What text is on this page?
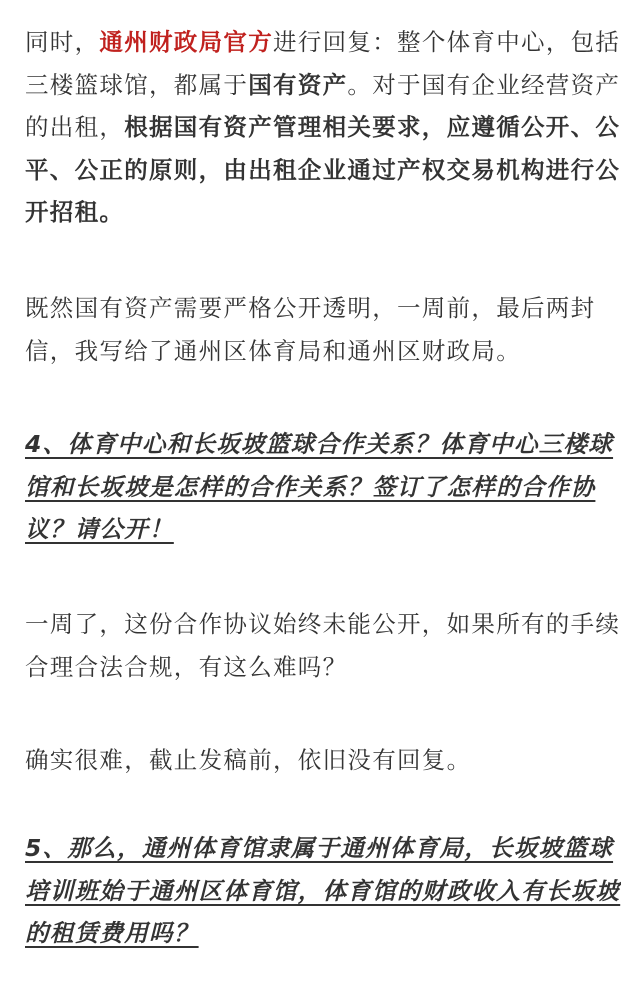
同时，通州财政局官方进行回复：整个体育中心，包括
三楼篮球馆，都属于国有资产。对于国有企业经营资产
的出租，根据国有资产管理相关要求，应遵循公开、公
平、公正的原则，由出租企业通过产权交易机构进行公
开招租。

既然国有资产需要严格公开透明，一周前，最后两封
信，我写给了通州区体育局和通州区财政局。

4、体育中心和长坂坡篮球合作关系？体育中心三楼球
馆和长坂坡是怎样的合作关系？签订了怎样的合作协
议？请公开！

一周了，这份合作协议始终未能公开，如果所有的手续
合理合法合规，有这么难吗？

确实很难，截止发稿前，依旧没有回复。

5、那么，通州体育馆隶属于通州体育局，长坂坡篮球
培训班始于通州区体育馆，体育馆的财政收入有长坂坡
的租赁费用吗？
